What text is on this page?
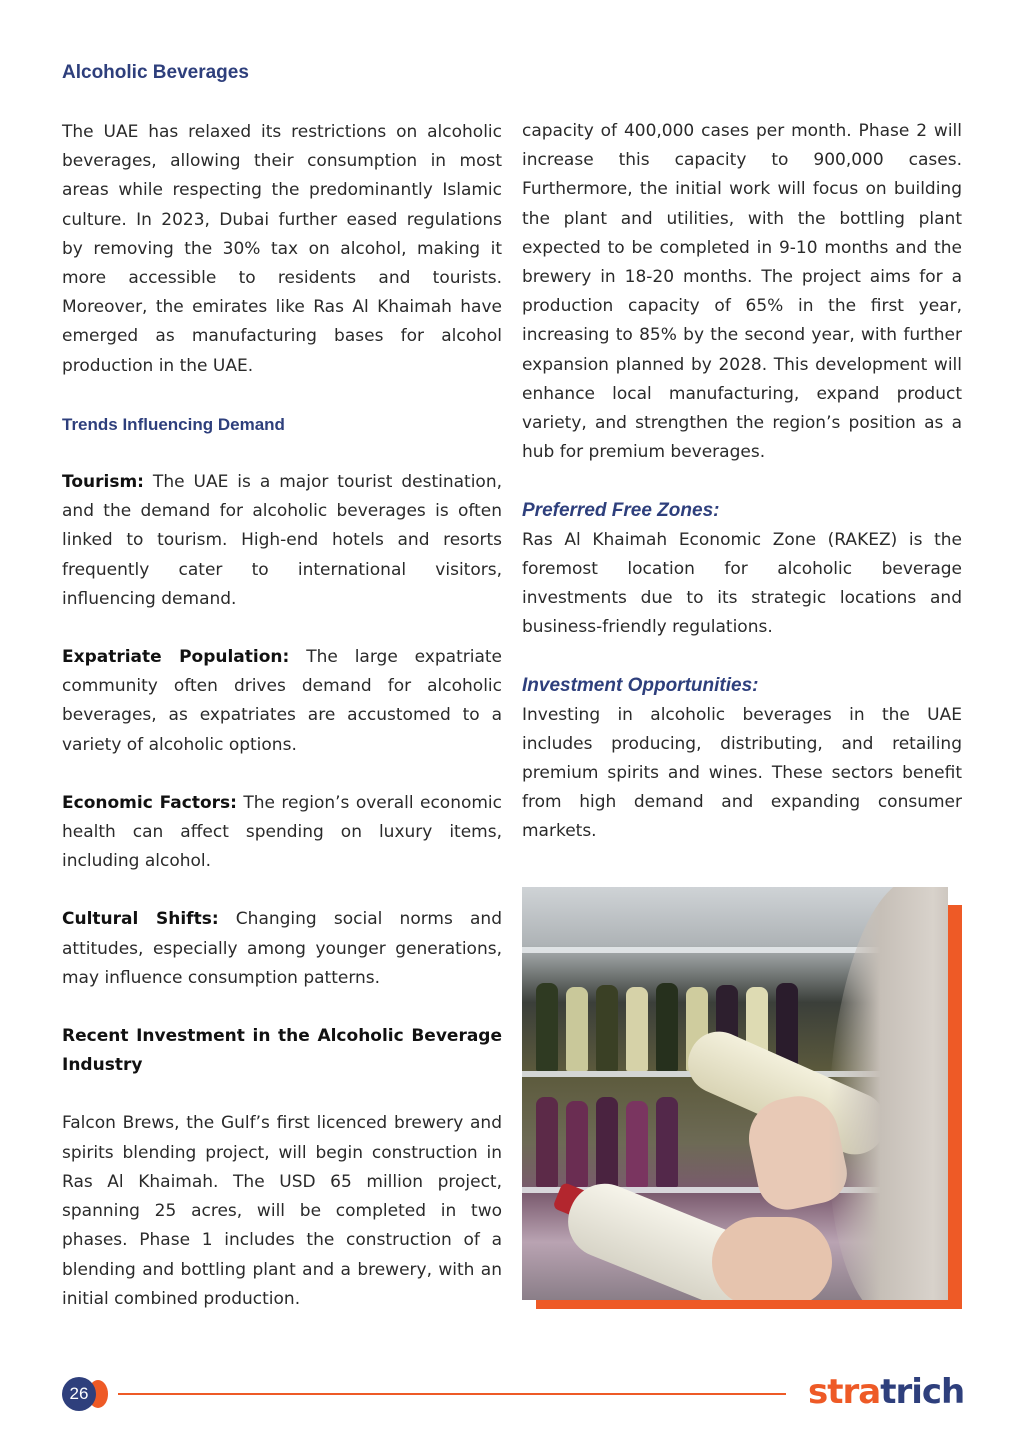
Alcoholic Beverages

The UAE has relaxed its restrictions on alcoholic beverages, allowing their consumption in most areas while respecting the predominantly Islamic culture. In 2023, Dubai further eased regulations by removing the 30% tax on alcohol, making it more accessible to residents and tourists. Moreover, the emirates like Ras Al Khaimah have emerged as manufacturing bases for alcohol production in the UAE.

Trends Influencing Demand

Tourism: The UAE is a major tourist destination, and the demand for alcoholic beverages is often linked to tourism. High-end hotels and resorts frequently cater to international visitors, influencing demand.

Expatriate Population: The large expatriate community often drives demand for alcoholic beverages, as expatriates are accustomed to a variety of alcoholic options.

Economic Factors: The region’s overall economic health can affect spending on luxury items, including alcohol.

Cultural Shifts: Changing social norms and attitudes, especially among younger generations, may influence consumption patterns.

Recent Investment in the Alcoholic Beverage Industry

Falcon Brews, the Gulf’s first licenced brewery and spirits blending project, will begin construction in Ras Al Khaimah. The USD 65 million project, spanning 25 acres, will be completed in two phases. Phase 1 includes the construction of a blending and bottling plant and a brewery, with an initial combined production.

capacity of 400,000 cases per month. Phase 2 will increase this capacity to 900,000 cases. Furthermore, the initial work will focus on building the plant and utilities, with the bottling plant expected to be completed in 9-10 months and the brewery in 18-20 months. The project aims for a production capacity of 65% in the first year, increasing to 85% by the second year, with further expansion planned by 2028. This development will enhance local manufacturing, expand product variety, and strengthen the region’s position as a hub for premium beverages.

Preferred Free Zones:

Ras Al Khaimah Economic Zone (RAKEZ) is the foremost location for alcoholic beverage investments due to its strategic locations and business-friendly regulations.

Investment Opportunities:

Investing in alcoholic beverages in the UAE includes producing, distributing, and retailing premium spirits and wines. These sectors benefit from high demand and expanding consumer markets.

26	stratrich
